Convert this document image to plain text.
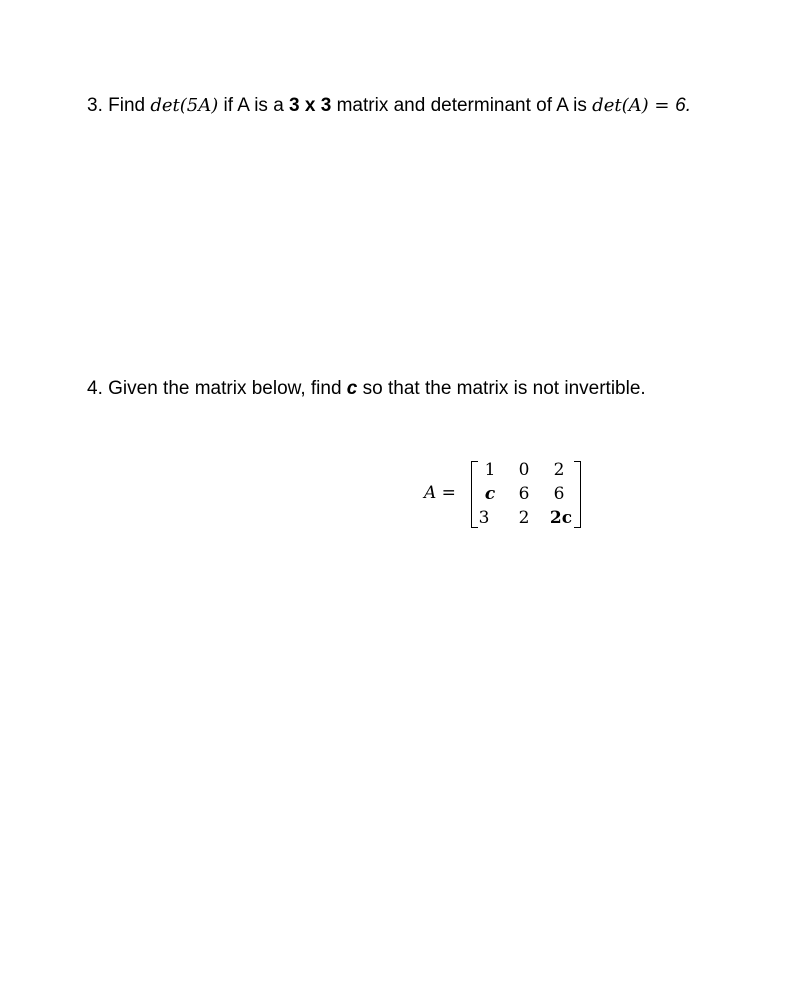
3. Find det(5A) if A is a 3 x 3 matrix and determinant of A is det(A) = 6.
4. Given the matrix below, find c so that the matrix is not invertible.
A =
1	0	2
c	6	6
3	2	2c
